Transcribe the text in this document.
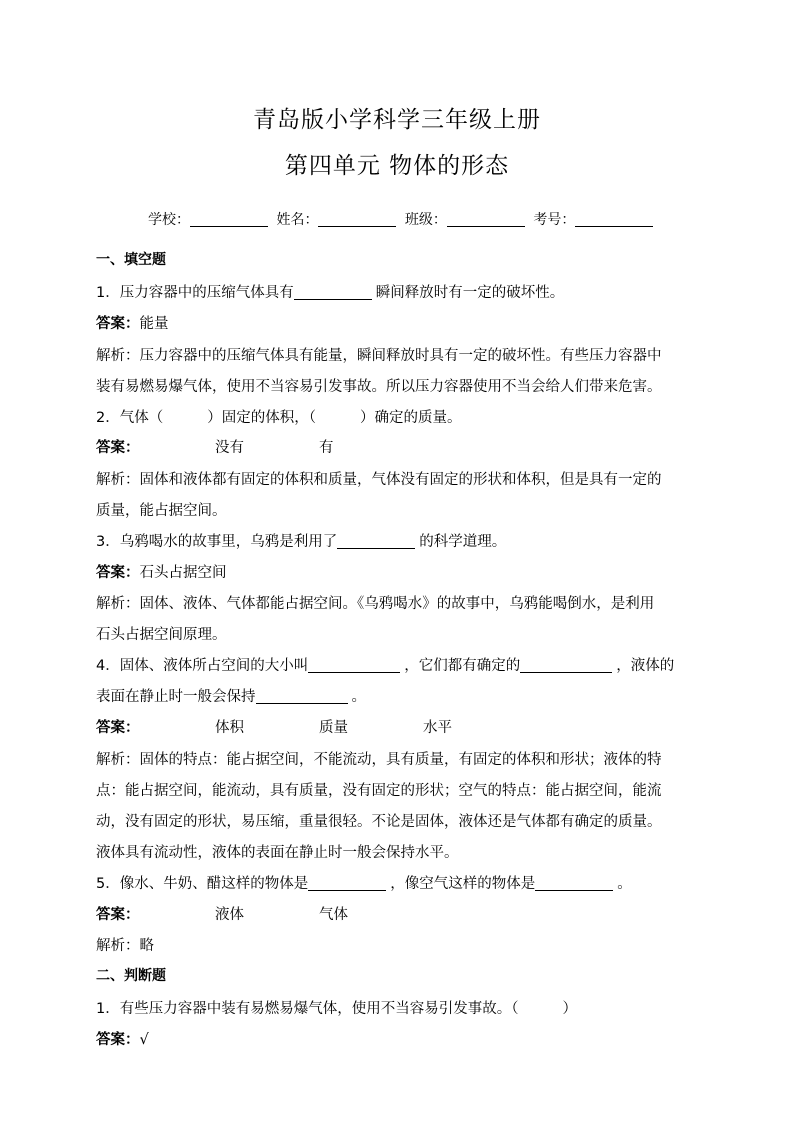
青岛版小学科学三年级上册
第四单元 物体的形态
学校：	姓名：	班级：	考号：
一、填空题
1．压力容器中的压缩气体具有	瞬间释放时有一定的破坏性。
答案：能量
解析：压力容器中的压缩气体具有能量，瞬间释放时具有一定的破坏性。有些压力容器中
装有易燃易爆气体，使用不当容易引发事故。所以压力容器使用不当会给人们带来危害。
2．气体（	）固定的体积，（	）确定的质量。
答案：	没有	有
解析：固体和液体都有固定的体积和质量，气体没有固定的形状和体积，但是具有一定的
质量，能占据空间。
3．乌鸦喝水的故事里，乌鸦是利用了	的科学道理。
答案：石头占据空间
解析：固体、液体、气体都能占据空间。《乌鸦喝水》的故事中，乌鸦能喝倒水，是利用
石头占据空间原理。
4．固体、液体所占空间的大小叫	，它们都有确定的	，液体的
表面在静止时一般会保持	。
答案：	体积	质量	水平
解析：固体的特点：能占据空间，不能流动，具有质量，有固定的体积和形状；液体的特
点：能占据空间，能流动，具有质量，没有固定的形状；空气的特点：能占据空间，能流
动，没有固定的形状，易压缩，重量很轻。不论是固体，液体还是气体都有确定的质量。
液体具有流动性，液体的表面在静止时一般会保持水平。
5．像水、牛奶、醋这样的物体是	，像空气这样的物体是	。
答案：	液体	气体
解析：略
二、判断题
1．有些压力容器中装有易燃易爆气体，使用不当容易引发事故。（	）
答案：√
